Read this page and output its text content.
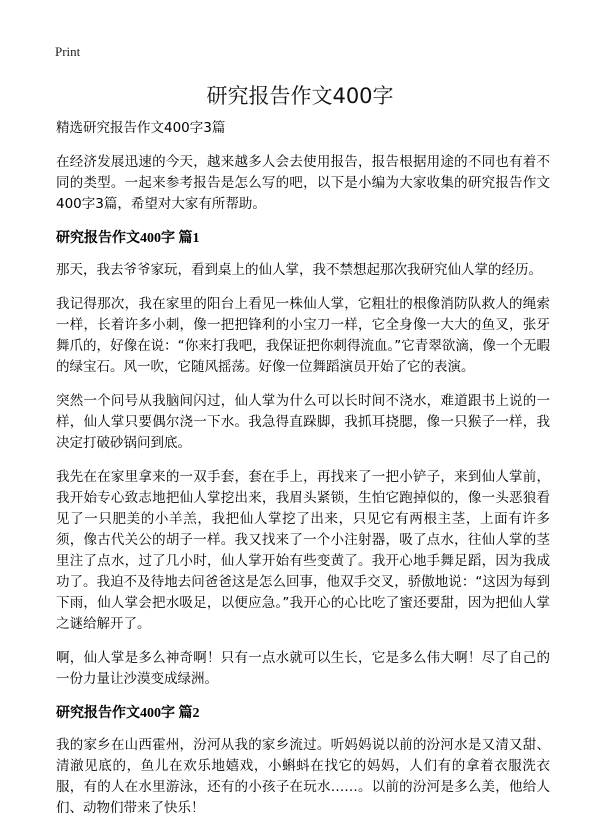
Print
研究报告作文400字

精选研究报告作文400字3篇

在经济发展迅速的今天，越来越多人会去使用报告，报告根据用途的不同也有着不同的类型。一起来参考报告是怎么写的吧，以下是小编为大家收集的研究报告作文400字3篇，希望对大家有所帮助。

研究报告作文400字 篇1

那天，我去爷爷家玩，看到桌上的仙人掌，我不禁想起那次我研究仙人掌的经历。

我记得那次，我在家里的阳台上看见一株仙人掌，它粗壮的根像消防队救人的绳索一样，长着许多小刺，像一把把锋利的小宝刀一样，它全身像一大大的鱼叉，张牙舞爪的，好像在说：“你来打我吧，我保证把你刺得流血。”它青翠欲滴，像一个无暇的绿宝石。风一吹，它随风摇荡。好像一位舞蹈演员开始了它的表演。

突然一个问号从我脑间闪过，仙人掌为什么可以长时间不浇水，难道跟书上说的一样，仙人掌只要偶尔浇一下水。我急得直跺脚，我抓耳挠腮，像一只猴子一样，我决定打破砂锅问到底。

我先在在家里拿来的一双手套，套在手上，再找来了一把小铲子，来到仙人掌前，我开始专心致志地把仙人掌挖出来，我眉头紧锁，生怕它跑掉似的，像一头恶狼看见了一只肥美的小羊羔，我把仙人掌挖了出来，只见它有两根主茎，上面有许多须，像古代关公的胡子一样。我又找来了一个小注射器，吸了点水，往仙人掌的茎里注了点水，过了几小时，仙人掌开始有些变黄了。我开心地手舞足蹈，因为我成功了。我迫不及待地去问爸爸这是怎么回事，他双手交叉，骄傲地说：“这因为每到下雨，仙人掌会把水吸足，以便应急。”我开心的心比吃了蜜还要甜，因为把仙人掌之谜给解开了。

啊，仙人掌是多么神奇啊！只有一点水就可以生长，它是多么伟大啊！尽了自己的一份力量让沙漠变成绿洲。

研究报告作文400字 篇2

我的家乡在山西霍州，汾河从我的家乡流过。听妈妈说以前的汾河水是又清又甜、清澈见底的，鱼儿在欢乐地嬉戏，小蝌蚪在找它的妈妈，人们有的拿着衣服洗衣服，有的人在水里游泳，还有的小孩子在玩水……。以前的汾河是多么美，他给人们、动物们带来了快乐！
